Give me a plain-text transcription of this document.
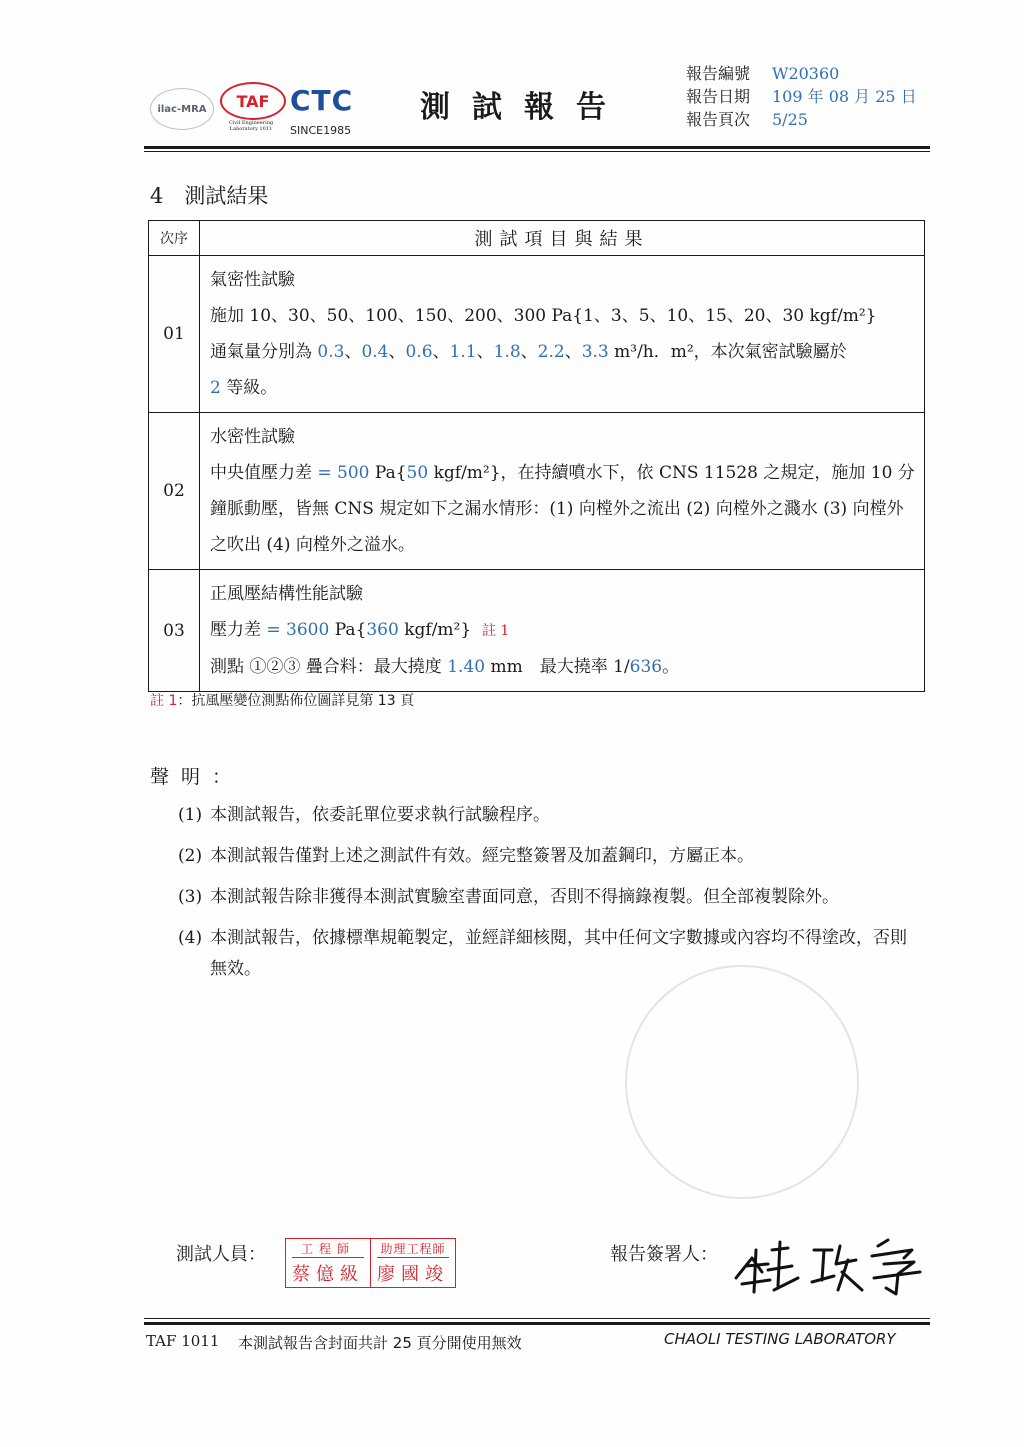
ilac-MRA	TAF
Civil Engineering Laboratory 1011
CTC
SINCE1985
測試報告
報告編號	W20360
報告日期	109 年 08 月 25 日
報告頁次	5/25
4　測試結果
次序	測試項目與結果
01	氣密性試驗
施加 10、30、50、100、150、200、300 Pa{1、3、5、10、15、20、30 kgf/m²}
通氣量分別為 0.3、0.4、0.6、1.1、1.8、2.2、3.3 m³/h．m²，本次氣密試驗屬於
2 等級。

02	水密性試驗
中央值壓力差 = 500 Pa{50 kgf/m²}，在持續噴水下，依 CNS 11528 之規定，施加 10 分鐘脈動壓，皆無 CNS 規定如下之漏水情形：(1) 向樘外之流出 (2) 向樘外之濺水 (3) 向樘外之吹出 (4) 向樘外之溢水。

03	正風壓結構性能試驗
壓力差 = 3600 Pa{360 kgf/m²} 註 1
測點 ①②③ 疊合料：最大撓度 1.40 mm　最大撓率 1/636。
註 1：抗風壓變位測點佈位圖詳見第 13 頁
聲明：
(1) 本測試報告，依委託單位要求執行試驗程序。
(2) 本測試報告僅對上述之測試件有效。經完整簽署及加蓋鋼印，方屬正本。
(3) 本測試報告除非獲得本測試實驗室書面同意，否則不得摘錄複製。但全部複製除外。
(4) 本測試報告，依據標準規範製定，並經詳細核閱，其中任何文字數據或內容均不得塗改，否則無效。
測試人員：	工程師
蔡億級
助理工程師
廖國竣
報告簽署人：
TAF 1011 本測試報告含封面共計 25 頁分開使用無效	CHAOLI TESTING LABORATORY
